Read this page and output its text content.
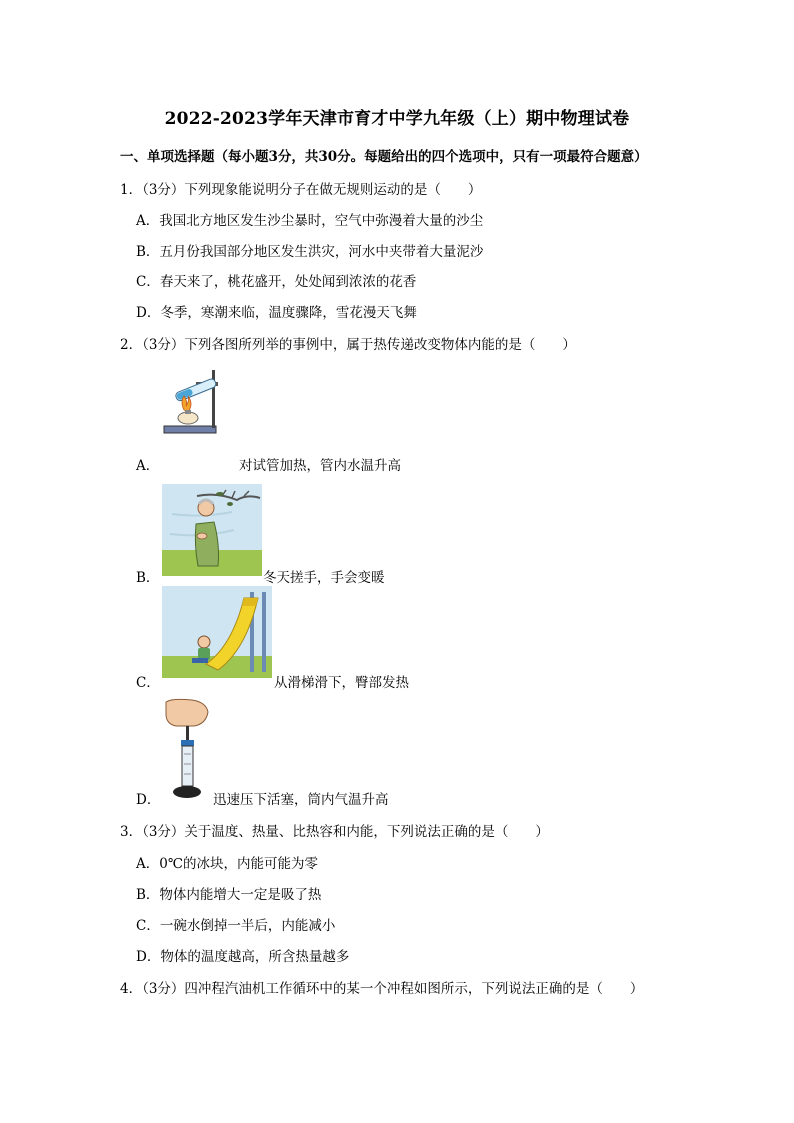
2022-2023学年天津市育才中学九年级（上）期中物理试卷
一、单项选择题（每小题3分，共30分。每题给出的四个选项中，只有一项最符合题意）
1．（3分）下列现象能说明分子在做无规则运动的是（　　）
A．我国北方地区发生沙尘暴时，空气中弥漫着大量的沙尘
B．五月份我国部分地区发生洪灾，河水中夹带着大量泥沙
C．春天来了，桃花盛开，处处闻到浓浓的花香
D．冬季，寒潮来临，温度骤降，雪花漫天飞舞
2．（3分）下列各图所列举的事例中，属于热传递改变物体内能的是（　　）
A．	对试管加热，管内水温升高
B．	冬天搓手，手会变暖
C．	从滑梯滑下，臀部发热
D．	迅速压下活塞，筒内气温升高
3．（3分）关于温度、热量、比热容和内能，下列说法正确的是（　　）
A．0℃的冰块，内能可能为零
B．物体内能增大一定是吸了热
C．一碗水倒掉一半后，内能减小
D．物体的温度越高，所含热量越多
4．（3分）四冲程汽油机工作循环中的某一个冲程如图所示，下列说法正确的是（　　）
